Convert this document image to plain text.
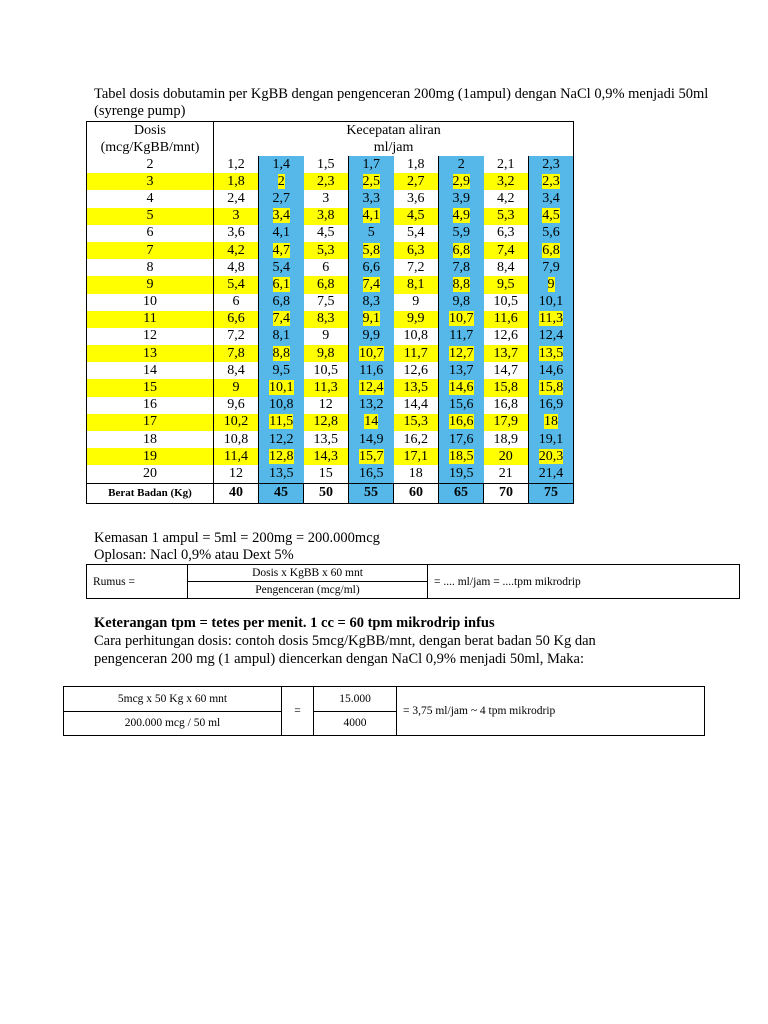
Tabel dosis dobutamin per KgBB dengan pengenceran 200mg (1ampul) dengan NaCl 0,9% menjadi 50ml (syrenge pump)
Dosis	Kecepatan aliran							
(mcg/KgBB/mnt)	ml/jam							
2	1,2	1,4	1,5	1,7	1,8	2	2,1	2,3
3	1,8	2	2,3	2,5	2,7	2,9	3,2	2,3
4	2,4	2,7	3	3,3	3,6	3,9	4,2	3,4
5	3	3,4	3,8	4,1	4,5	4,9	5,3	4,5
6	3,6	4,1	4,5	5	5,4	5,9	6,3	5,6
7	4,2	4,7	5,3	5,8	6,3	6,8	7,4	6,8
8	4,8	5,4	6	6,6	7,2	7,8	8,4	7,9
9	5,4	6,1	6,8	7,4	8,1	8,8	9,5	9
10	6	6,8	7,5	8,3	9	9,8	10,5	10,1
11	6,6	7,4	8,3	9,1	9,9	10,7	11,6	11,3
12	7,2	8,1	9	9,9	10,8	11,7	12,6	12,4
13	7,8	8,8	9,8	10,7	11,7	12,7	13,7	13,5
14	8,4	9,5	10,5	11,6	12,6	13,7	14,7	14,6
15	9	10,1	11,3	12,4	13,5	14,6	15,8	15,8
16	9,6	10,8	12	13,2	14,4	15,6	16,8	16,9
17	10,2	11,5	12,8	14	15,3	16,6	17,9	18
18	10,8	12,2	13,5	14,9	16,2	17,6	18,9	19,1
19	11,4	12,8	14,3	15,7	17,1	18,5	20	20,3
20	12	13,5	15	16,5	18	19,5	21	21,4
Berat Badan (Kg)	40	45	50	55	60	65	70	75
Kemasan 1 ampul = 5ml = 200mg = 200.000mcg
Oplosan: Nacl 0,9% atau Dext 5%
Rumus =	
Dosis x KgBB x 60 mnt
Pengenceran (mcg/ml)
	= .... ml/jam = ....tpm mikrodrip
Keterangan tpm = tetes per menit. 1 cc = 60 tpm mikrodrip infus
Cara perhitungan dosis: contoh dosis 5mcg/KgBB/mnt, dengan berat badan 50 Kg dan
pengenceran 200 mg (1 ampul) diencerkan dengan NaCl 0,9% menjadi 50ml, Maka:
5mcg x 50 Kg x 60 mnt	=	15.000	= 3,75 ml/jam ~ 4 tpm mikrodrip
200.000 mcg / 50 ml		4000	
